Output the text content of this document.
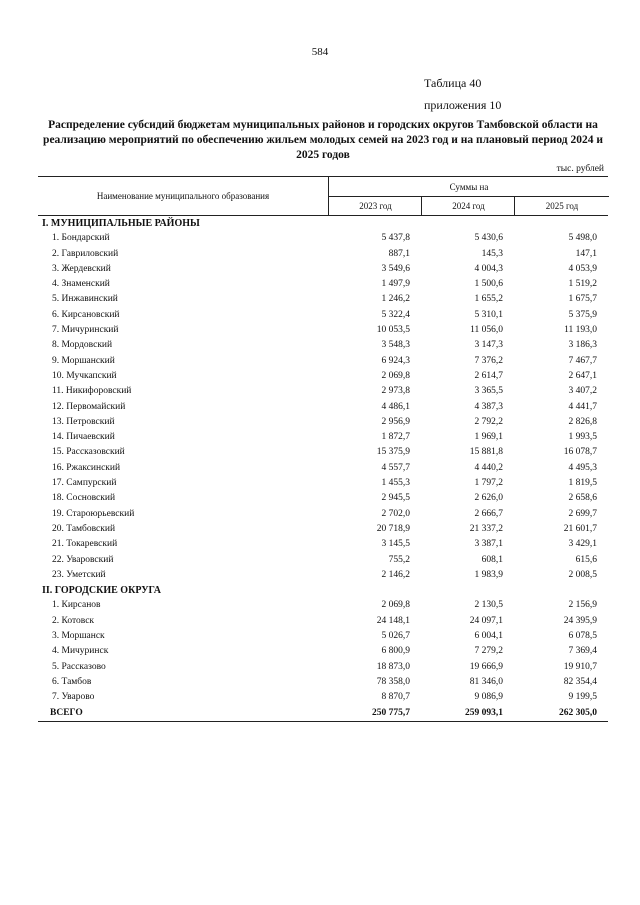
584
Таблица 40
приложения 10
Распределение субсидий бюджетам муниципальных районов и городских округов Тамбовской области на реализацию мероприятий по обеспечению жильем молодых семей на 2023 год и на плановый период 2024 и 2025 годов
тыс. рублей
Наименование муниципального образования
Суммы на
2023 год	2024 год	2025 год
I. МУНИЦИПАЛЬНЫЕ РАЙОНЫ
1. Бондарский	5 437,8	5 430,6	5 498,0
2. Гавриловский	887,1	145,3	147,1
3. Жердевский	3 549,6	4 004,3	4 053,9
4. Знаменский	1 497,9	1 500,6	1 519,2
5. Инжавинский	1 246,2	1 655,2	1 675,7
6. Кирсановский	5 322,4	5 310,1	5 375,9
7. Мичуринский	10 053,5	11 056,0	11 193,0
8. Мордовский	3 548,3	3 147,3	3 186,3
9. Моршанский	6 924,3	7 376,2	7 467,7
10. Мучкапский	2 069,8	2 614,7	2 647,1
11. Никифоровский	2 973,8	3 365,5	3 407,2
12. Первомайский	4 486,1	4 387,3	4 441,7
13. Петровский	2 956,9	2 792,2	2 826,8
14. Пичаевский	1 872,7	1 969,1	1 993,5
15. Рассказовский	15 375,9	15 881,8	16 078,7
16. Ржаксинский	4 557,7	4 440,2	4 495,3
17. Сампурский	1 455,3	1 797,2	1 819,5
18. Сосновский	2 945,5	2 626,0	2 658,6
19. Староюрьевский	2 702,0	2 666,7	2 699,7
20. Тамбовский	20 718,9	21 337,2	21 601,7
21. Токаревский	3 145,5	3 387,1	3 429,1
22. Уваровский	755,2	608,1	615,6
23. Уметский	2 146,2	1 983,9	2 008,5
II. ГОРОДСКИЕ ОКРУГА
1. Кирсанов	2 069,8	2 130,5	2 156,9
2. Котовск	24 148,1	24 097,1	24 395,9
3. Моршанск	5 026,7	6 004,1	6 078,5
4. Мичуринск	6 800,9	7 279,2	7 369,4
5. Рассказово	18 873,0	19 666,9	19 910,7
6. Тамбов	78 358,0	81 346,0	82 354,4
7. Уварово	8 870,7	9 086,9	9 199,5
ВСЕГО	250 775,7	259 093,1	262 305,0
